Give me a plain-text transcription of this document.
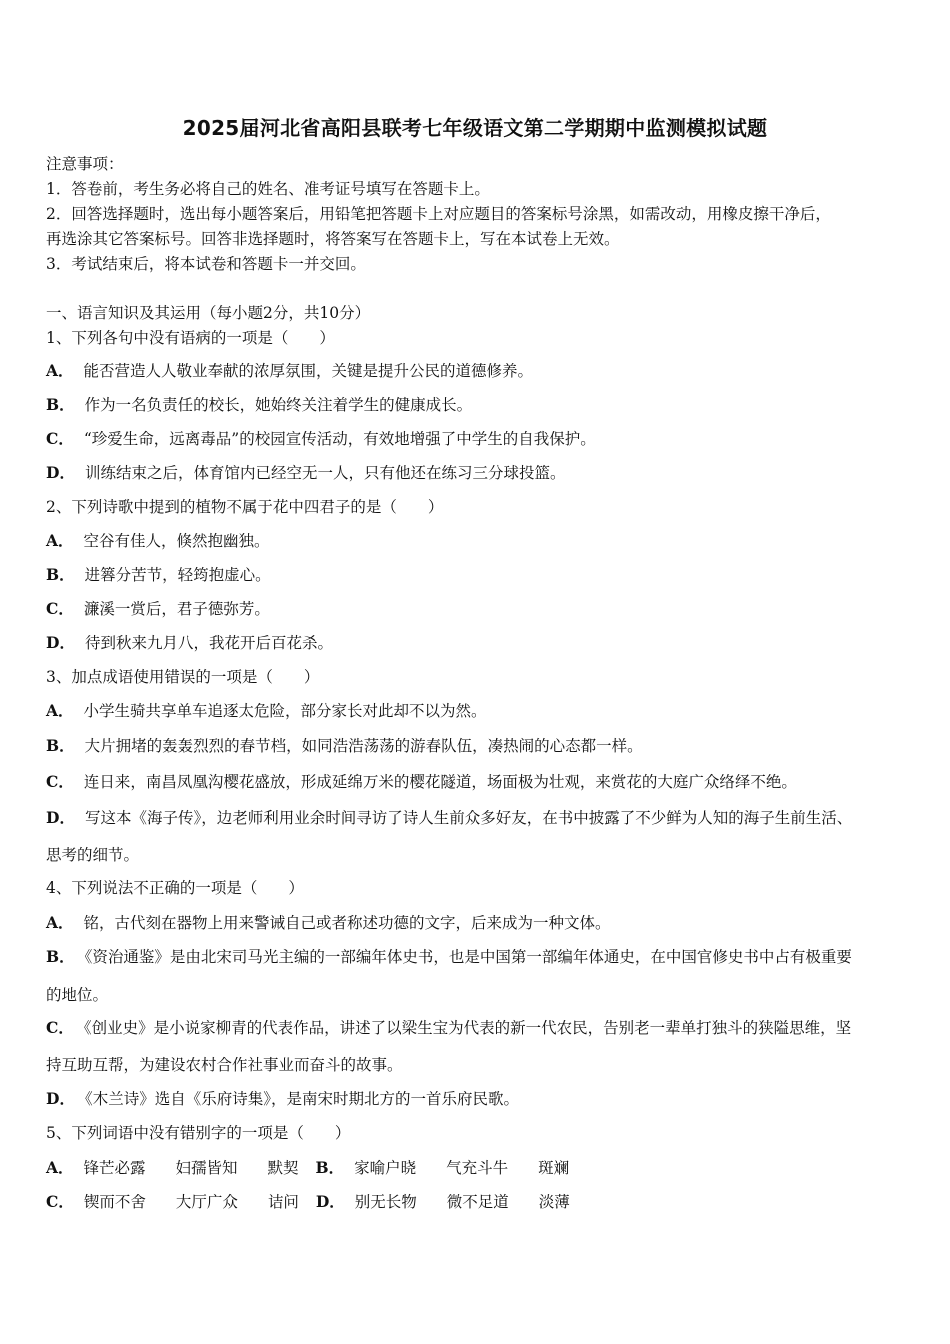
2025届河北省高阳县联考七年级语文第二学期期中监测模拟试题
注意事项：
1．答卷前，考生务必将自己的姓名、准考证号填写在答题卡上。
2．回答选择题时，选出每小题答案后，用铅笔把答题卡上对应题目的答案标号涂黑，如需改动，用橡皮擦干净后，
再选涂其它答案标号。回答非选择题时，将答案写在答题卡上，写在本试卷上无效。
3．考试结束后，将本试卷和答题卡一并交回。
一、语言知识及其运用（每小题2分，共10分）
1、下列各句中没有语病的一项是（　　）
A． 能否营造人人敬业奉献的浓厚氛围，关键是提升公民的道德修养。
B． 作为一名负责任的校长，她始终关注着学生的健康成长。
C． “珍爱生命，远离毒品”的校园宣传活动，有效地增强了中学生的自我保护。
D． 训练结束之后，体育馆内已经空无一人，只有他还在练习三分球投篮。
2、下列诗歌中提到的植物不属于花中四君子的是（　　）
A． 空谷有佳人，倏然抱幽独。
B． 进簭分苦节，轻筠抱虚心。
C． 濂溪一赏后，君子德弥芳。
D． 待到秋来九月八，我花开后百花杀。
3、加点成语使用错误的一项是（　　）
A． 小学生骑共享单车追逐太危险，部分家长对此却不以为然。
B． 大片拥堵的轰轰烈烈的春节档，如同浩浩荡荡的游春队伍，凑热闹的心态都一样。
C． 连日来，南昌凤凰沟樱花盛放，形成延绵万米的樱花隧道，场面极为壮观，来赏花的大庭广众络绎不绝。
D． 写这本《海子传》，边老师利用业余时间寻访了诗人生前众多好友，在书中披露了不少鲜为人知的海子生前生活、
思考的细节。
4、下列说法不正确的一项是（　　）
A． 铭，古代刻在器物上用来警诫自己或者称述功德的文字，后来成为一种文体。
B． 《资治通鉴》是由北宋司马光主编的一部编年体史书，也是中国第一部编年体通史，在中国官修史书中占有极重要
的地位。
C． 《创业史》是小说家柳青的代表作品，讲述了以梁生宝为代表的新一代农民，告别老一辈单打独斗的狭隘思维，坚
持互助互帮，为建设农村合作社事业而奋斗的故事。
D． 《木兰诗》选自《乐府诗集》，是南宋时期北方的一首乐府民歌。
5、下列词语中没有错别字的一项是（　　）
A． 锋芒必露 妇孺皆知 默契 B． 家喻户晓 气充斗牛 斑斓
C． 锲而不舍 大厅广众 诘问 D． 别无长物 微不足道 淡薄
